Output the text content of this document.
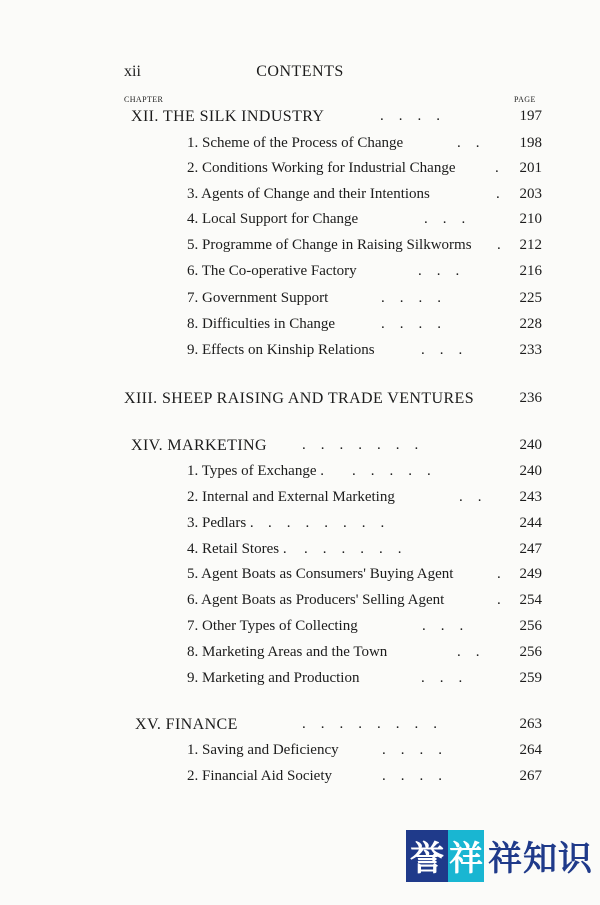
xii	CONTENTS
CHAPTER	PAGE
XII. THE SILK INDUSTRY	.    .    .    .	197
1. Scheme of the Process of Change	.    .	198
2. Conditions Working for Industrial Change	. 201
3. Agents of Change and their Intentions	. 203
4. Local Support for Change	.    .    .	210
5. Programme of Change in Raising Silkworms . 212
6. The Co-operative Factory	.    .    .	216
7. Government Support	.    .    .    .	225
8. Difficulties in Change	.    .    .    .	228
9. Effects on Kinship Relations	.    .    .	233
XIII. SHEEP RAISING AND TRADE VENTURES	236
XIV. MARKETING .    .    .    .    .    .    .	240
1. Types of Exchange . .    .    .    .    .	240
2. Internal and External Marketing	.    .	243
3. Pedlars . .    .    .    .    .    .    .	244
4. Retail Stores . .    .    .    .    .    .	247
5. Agent Boats as Consumers' Buying Agent	. 249
6. Agent Boats as Producers' Selling Agent	. 254
7. Other Types of Collecting	.    .    .	256
8. Marketing Areas and the Town	.    .	256
9. Marketing and Production	.    .    .	259
XV. FINANCE	.    .    .    .    .    .    .    .	263
1. Saving and Deficiency	.    .    .    .	264
2. Financial Aid Society	.    .    .    .	267
誉 祥 祥知识
